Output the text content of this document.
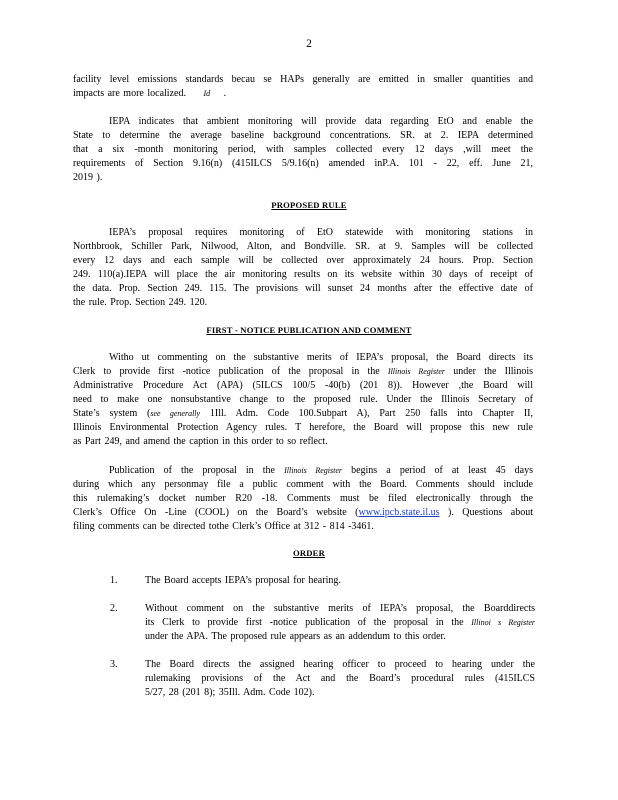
2
facility level emissions standards becau se HAPs generally are emitted in smaller quantities and
impacts are more localized. Id .
IEPA indicates that ambient monitoring will provide data regarding EtO and enable the
State to determine the average baseline background concentrations. SR. at 2. IEPA determined
that a six -month monitoring period, with samples collected every 12 days ,will meet the
requirements of Section 9.16(n) (415ILCS 5/9.16(n) amended inP.A. 101 - 22, eff. June 21,
2019 ).
PROPOSED RULE
IEPA’s proposal requires monitoring of EtO statewide with monitoring stations in
Northbrook, Schiller Park, Nilwood, Alton, and Bondville. SR. at 9. Samples will be collected
every 12 days and each sample will be collected over approximately 24 hours. Prop. Section
249. 110(a).IEPA will place the air monitoring results on its website within 30 days of receipt of
the data. Prop. Section 249. 115. The provisions will sunset 24 months after the effective date of
the rule. Prop. Section 249. 120.
FIRST - NOTICE PUBLICATION AND COMMENT
Witho ut commenting on the substantive merits of IEPA’s proposal, the Board directs its
Clerk to provide first -notice publication of the proposal in the Illinois Register under the Illinois
Administrative Procedure Act (APA) (5ILCS 100/5 -40(b) (201 8)). However ,the Board will
need to make one nonsubstantive change to the proposed rule. Under the Illinois Secretary of
State’s system (see generally 1Ill. Adm. Code 100.Subpart A), Part 250 falls into Chapter II,
Illinois Environmental Protection Agency rules. T herefore, the Board will propose this new rule
as Part 249, and amend the caption in this order to so reflect.
Publication of the proposal in the Illinois Register begins a period of at least 45 days
during which any personmay file a public comment with the Board. Comments should include
this rulemaking’s docket number R20 -18. Comments must be filed electronically through the
Clerk’s Office On -Line (COOL) on the Board’s website (www.ipcb.state.il.us ). Questions about
filing comments can be directed tothe Clerk’s Office at 312 - 814 -3461.
ORDER
1.	The Board accepts IEPA’s proposal for hearing.
2.	Without comment on the substantive merits of IEPA’s proposal, the Boarddirects
its Clerk to provide first -notice publication of the proposal in the Illinoi s Register
under the APA. The proposed rule appears as an addendum to this order.
3.	The Board directs the assigned hearing officer to proceed to hearing under the
rulemaking provisions of the Act and the Board’s procedural rules (415ILCS
5/27, 28 (201 8); 35Ill. Adm. Code 102).
